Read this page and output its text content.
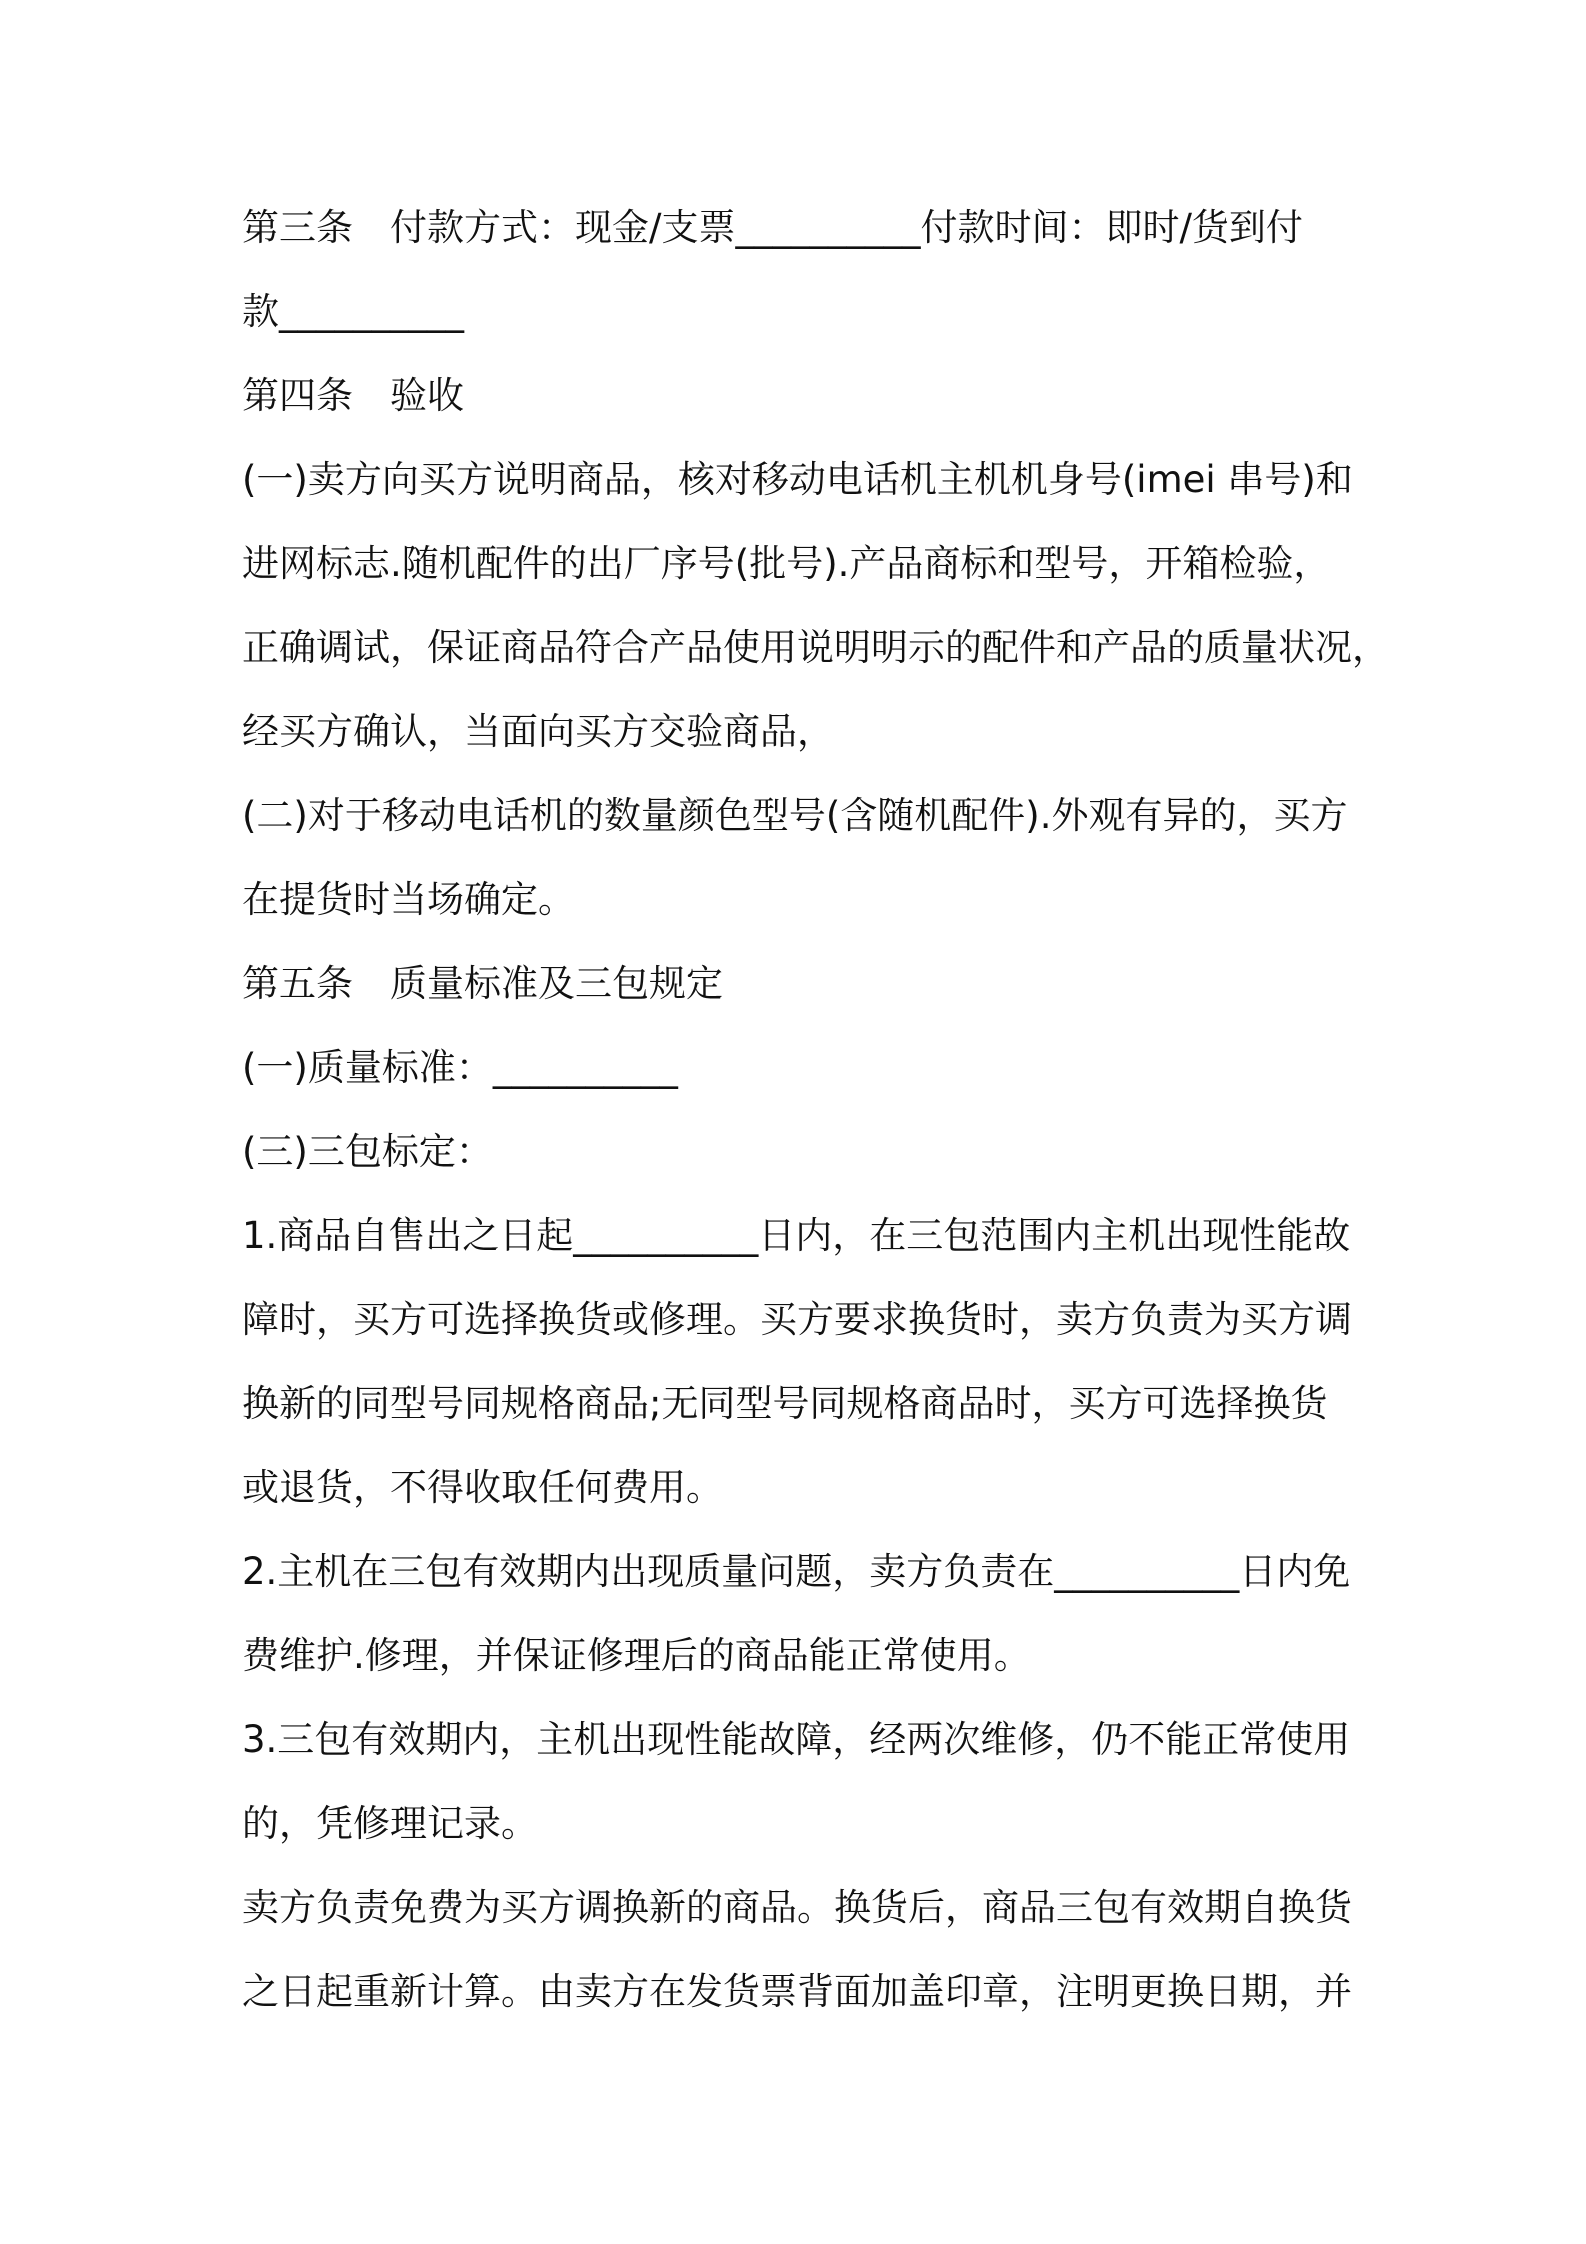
第三条　付款方式：现金/支票__________付款时间：即时/货到付

款__________

第四条　验收

(一)卖方向买方说明商品，核对移动电话机主机机身号(imei 串号)和

进网标志.随机配件的出厂序号(批号).产品商标和型号，开箱检验，

正确调试，保证商品符合产品使用说明明示的配件和产品的质量状况，

经买方确认，当面向买方交验商品，

(二)对于移动电话机的数量颜色型号(含随机配件).外观有异的，买方

在提货时当场确定。

第五条　质量标准及三包规定

(一)质量标准：__________

(三)三包标定：

1.商品自售出之日起__________日内，在三包范围内主机出现性能故

障时，买方可选择换货或修理。买方要求换货时，卖方负责为买方调

换新的同型号同规格商品;无同型号同规格商品时，买方可选择换货

或退货，不得收取任何费用。

2.主机在三包有效期内出现质量问题，卖方负责在__________日内免

费维护.修理，并保证修理后的商品能正常使用。

3.三包有效期内，主机出现性能故障，经两次维修，仍不能正常使用

的，凭修理记录。

卖方负责免费为买方调换新的商品。换货后，商品三包有效期自换货

之日起重新计算。由卖方在发货票背面加盖印章，注明更换日期，并
